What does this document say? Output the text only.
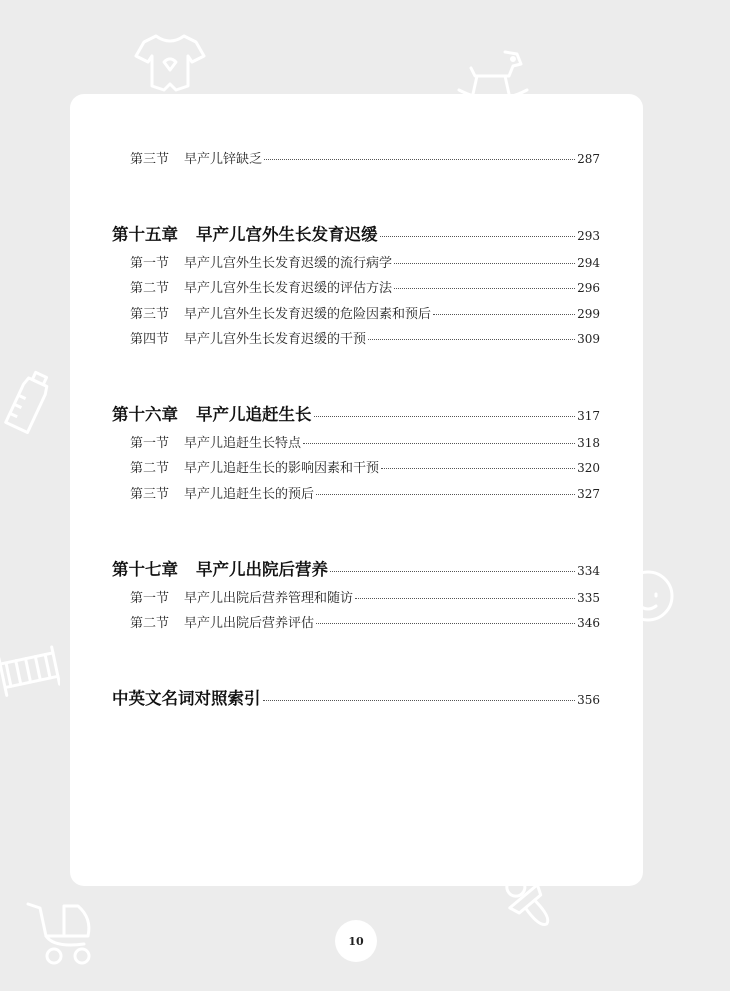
第三节	早产儿锌缺乏	287
第十五章 早产儿宫外生长发育迟缓	293
第一节	早产儿宫外生长发育迟缓的流行病学	294
第二节	早产儿宫外生长发育迟缓的评估方法	296
第三节	早产儿宫外生长发育迟缓的危险因素和预后	299
第四节	早产儿宫外生长发育迟缓的干预	309
第十六章 早产儿追赶生长	317
第一节	早产儿追赶生长特点	318
第二节	早产儿追赶生长的影响因素和干预	320
第三节	早产儿追赶生长的预后	327
第十七章 早产儿出院后营养	334
第一节	早产儿出院后营养管理和随访	335
第二节	早产儿出院后营养评估	346
中英文名词对照索引	356
10
